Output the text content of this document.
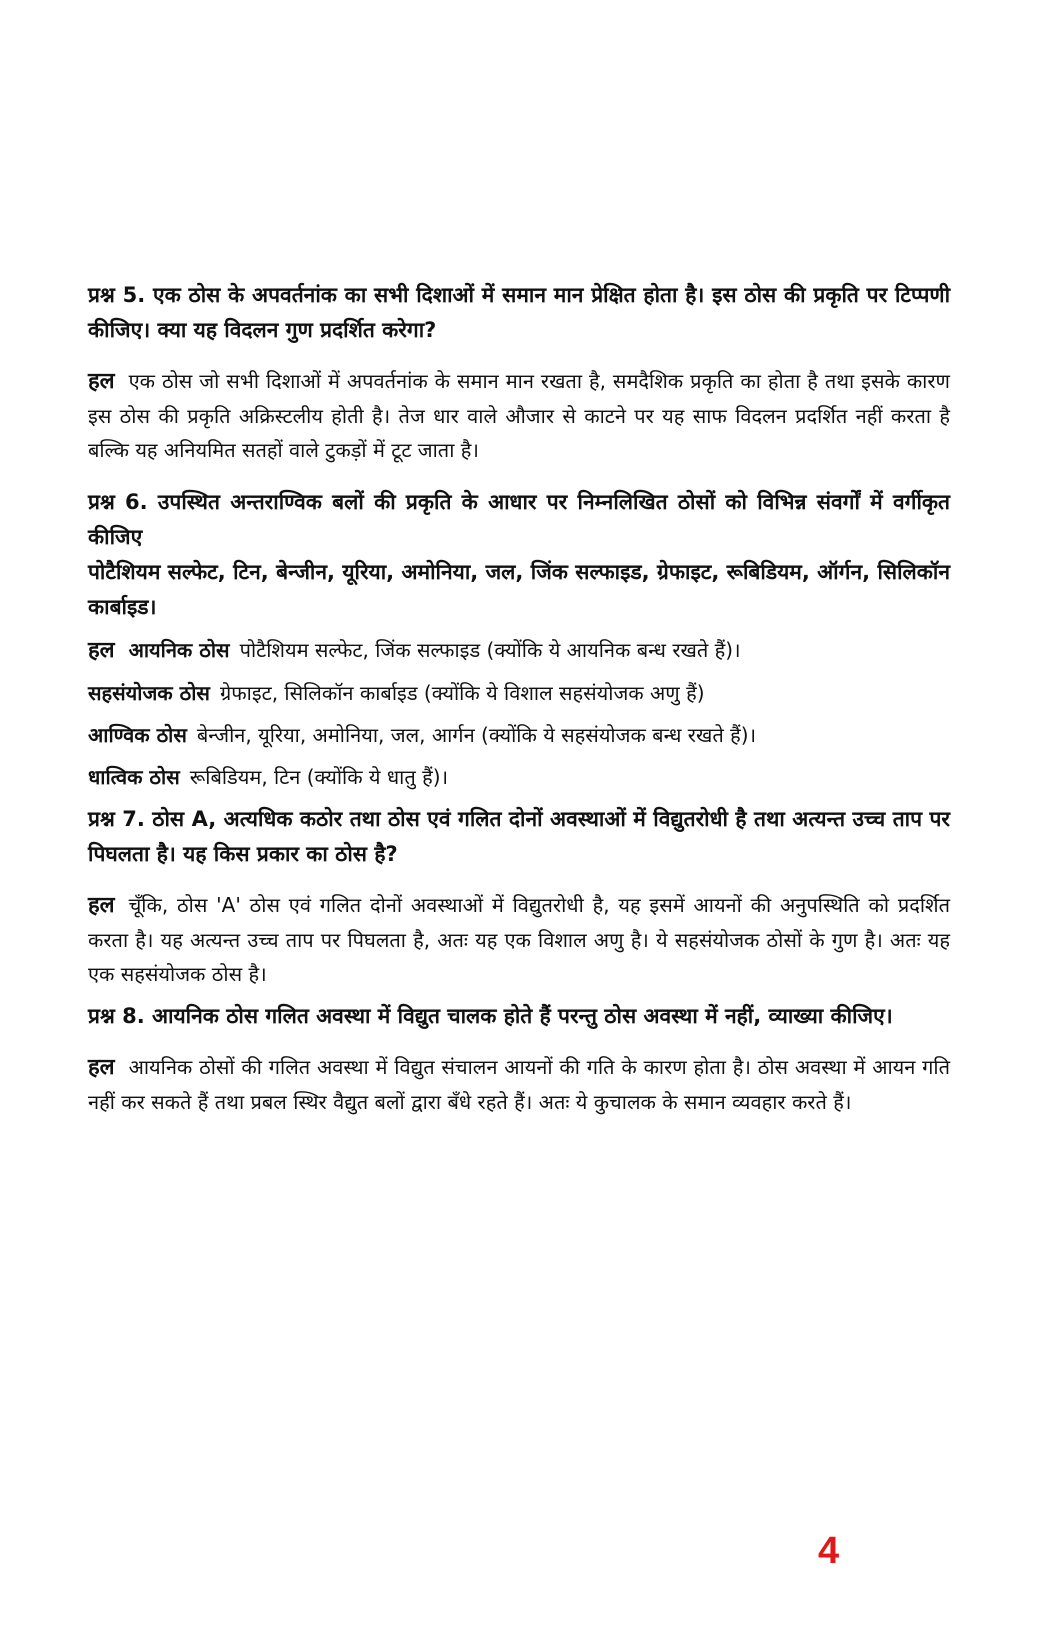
प्रश्न 5. एक ठोस के अपवर्तनांक का सभी दिशाओं में समान मान प्रेक्षित होता है। इस ठोस की प्रकृति पर टिप्पणी कीजिए। क्या यह विदलन गुण प्रदर्शित करेगा?

हल एक ठोस जो सभी दिशाओं में अपवर्तनांक के समान मान रखता है, समदैशिक प्रकृति का होता है तथा इसके कारण इस ठोस की प्रकृति अक्रिस्टलीय होती है। तेज धार वाले औजार से काटने पर यह साफ विदलन प्रदर्शित नहीं करता है बल्कि यह अनियमित सतहों वाले टुकड़ों में टूट जाता है।

प्रश्न 6. उपस्थित अन्तराण्विक बलों की प्रकृति के आधार पर निम्नलिखित ठोसों को विभिन्न संवर्गों में वर्गीकृत कीजिए

पोटैशियम सल्फेट, टिन, बेन्जीन, यूरिया, अमोनिया, जल, जिंक सल्फाइड, ग्रेफाइट, रूबिडियम, ऑर्गन, सिलिकॉन कार्बाइड।

हल आयनिक ठोस पोटैशियम सल्फेट, जिंक सल्फाइड (क्योंकि ये आयनिक बन्ध रखते हैं)।

सहसंयोजक ठोस ग्रेफाइट, सिलिकॉन कार्बाइड (क्योंकि ये विशाल सहसंयोजक अणु हैं)

आण्विक ठोस बेन्जीन, यूरिया, अमोनिया, जल, आर्गन (क्योंकि ये सहसंयोजक बन्ध रखते हैं)।

धात्विक ठोस रूबिडियम, टिन (क्योंकि ये धातु हैं)।

प्रश्न 7. ठोस A, अत्यधिक कठोर तथा ठोस एवं गलित दोनों अवस्थाओं में विद्युतरोधी है तथा अत्यन्त उच्च ताप पर पिघलता है। यह किस प्रकार का ठोस है?

हल चूँकि, ठोस 'A' ठोस एवं गलित दोनों अवस्थाओं में विद्युतरोधी है, यह इसमें आयनों की अनुपस्थिति को प्रदर्शित करता है। यह अत्यन्त उच्च ताप पर पिघलता है, अतः यह एक विशाल अणु है। ये सहसंयोजक ठोसों के गुण है। अतः यह एक सहसंयोजक ठोस है।

प्रश्न 8. आयनिक ठोस गलित अवस्था में विद्युत चालक होते हैं परन्तु ठोस अवस्था में नहीं, व्याख्या कीजिए।

हल आयनिक ठोसों की गलित अवस्था में विद्युत संचालन आयनों की गति के कारण होता है। ठोस अवस्था में आयन गति नहीं कर सकते हैं तथा प्रबल स्थिर वैद्युत बलों द्वारा बँधे रहते हैं। अतः ये कुचालक के समान व्यवहार करते हैं।

4
